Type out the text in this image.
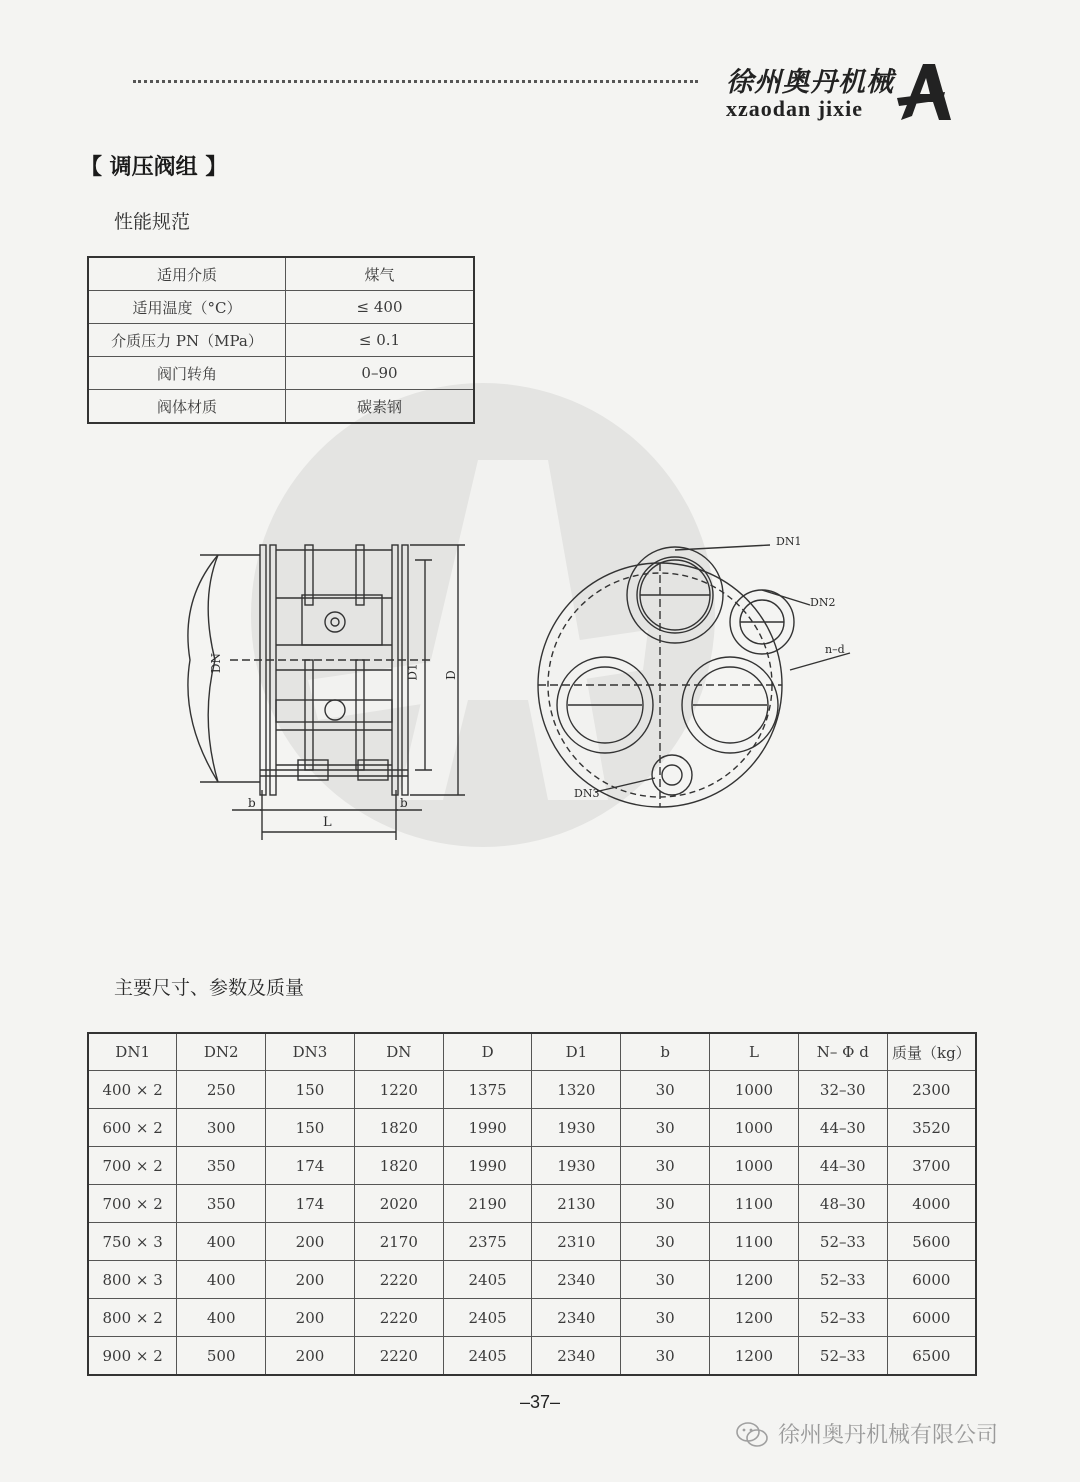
徐州奥丹机械
xzaodan jixie
【 调压阀组 】
性能规范
适用介质	煤气
适用温度（°C）	≤ 400
介质压力 PN（MPa）	≤ 0.1
阀门转角	0–90
阀体材质	碳素钢
DN	D1 D
b	b
L
DN1
DN2
DN3
n–d
主要尺寸、参数及质量
DN1	DN2	DN3	DN	D	D1	b	L	N– Φ d	质量（kg）
400 × 2	250	150	1220	1375	1320	30	1000	32–30	2300
600 × 2	300	150	1820	1990	1930	30	1000	44–30	3520
700 × 2	350	174	1820	1990	1930	30	1000	44–30	3700
700 × 2	350	174	2020	2190	2130	30	1100	48–30	4000
750 × 3	400	200	2170	2375	2310	30	1100	52–33	5600
800 × 3	400	200	2220	2405	2340	30	1200	52–33	6000
800 × 2	400	200	2220	2405	2340	30	1200	52–33	6000
900 × 2	500	200	2220	2405	2340	30	1200	52–33	6500
–37–
徐州奥丹机械有限公司
